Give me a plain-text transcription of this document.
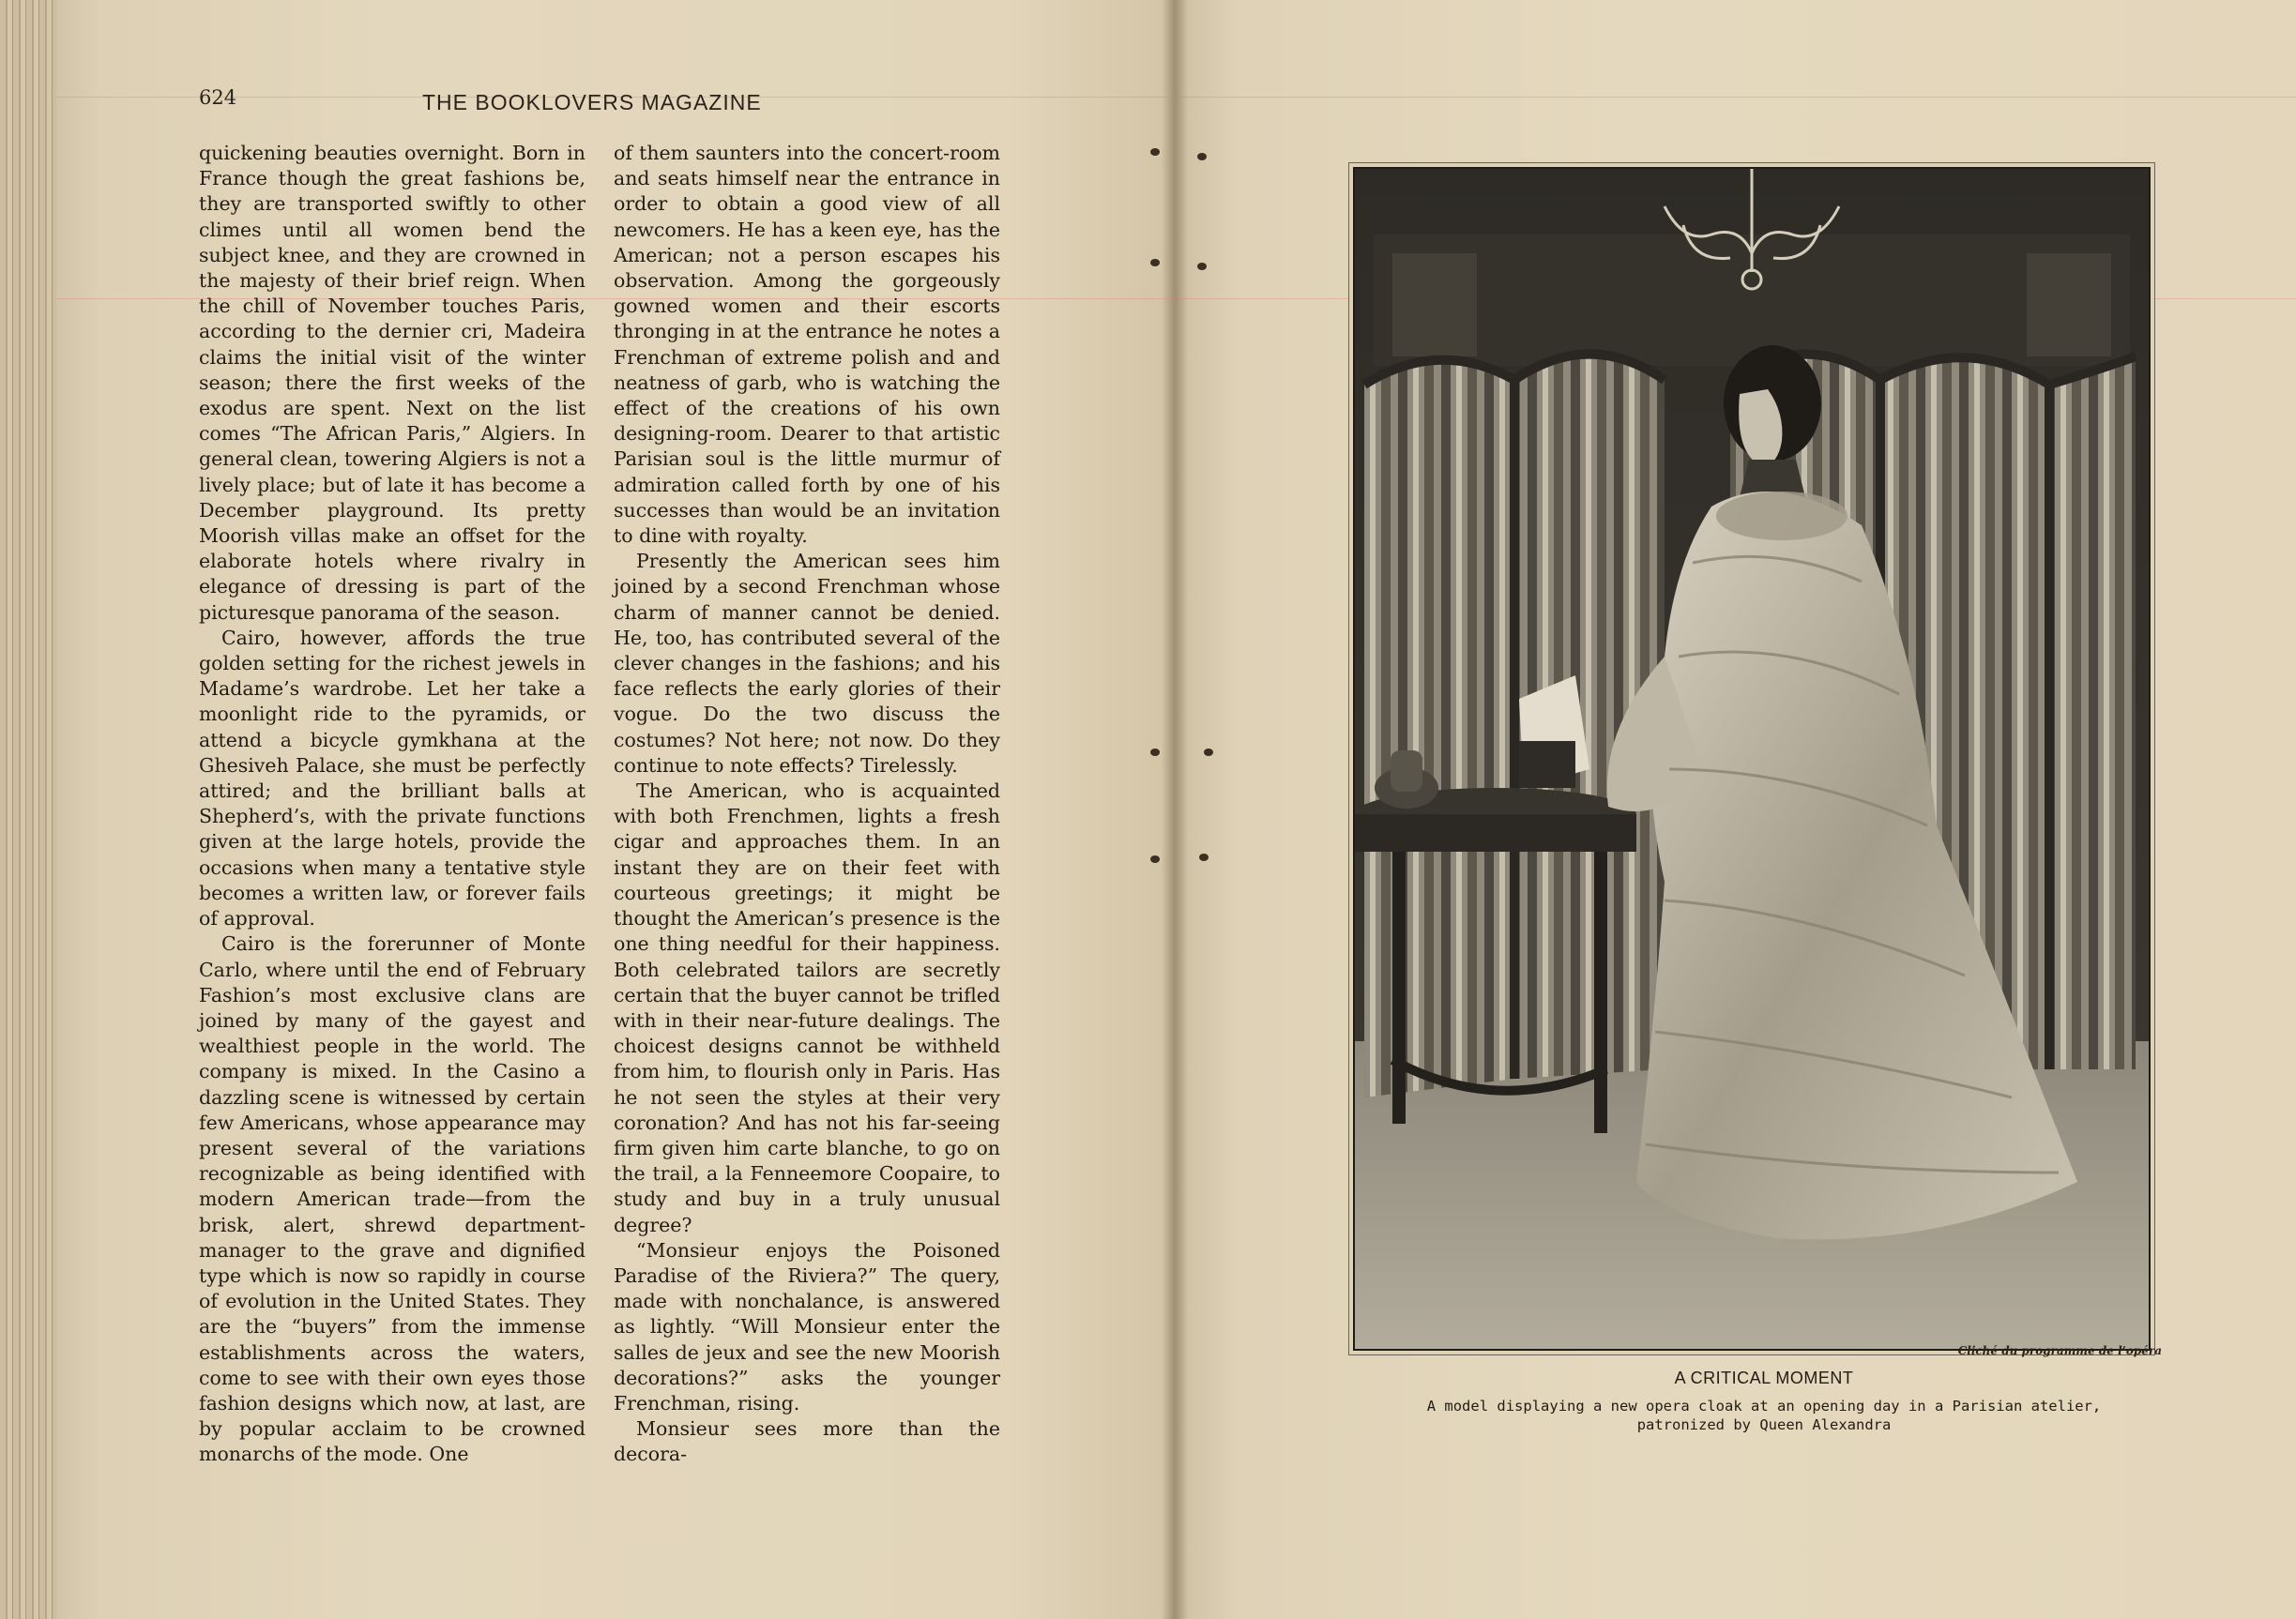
624	THE BOOKLOVERS MAGAZINE

quickening beauties overnight. Born in France though the great fashions be, they are transported swiftly to other climes until all women bend the subject knee, and they are crowned in the majesty of their brief reign. When the chill of November touches Paris, according to the dernier cri, Madeira claims the initial visit of the winter season; there the first weeks of the exodus are spent. Next on the list comes “The African Paris,” Algiers. In general clean, towering Algiers is not a lively place; but of late it has become a December playground. Its pretty Moorish villas make an offset for the elaborate hotels where rivalry in elegance of dressing is part of the picturesque panorama of the season.

Cairo, however, affords the true golden setting for the richest jewels in Madame’s wardrobe. Let her take a moonlight ride to the pyramids, or attend a bicycle gymkhana at the Ghesiveh Palace, she must be perfectly attired; and the brilliant balls at Shepherd’s, with the private functions given at the large hotels, provide the occasions when many a tentative style becomes a written law, or forever fails of approval.

Cairo is the forerunner of Monte Carlo, where until the end of February Fashion’s most exclusive clans are joined by many of the gayest and wealthiest people in the world. The company is mixed. In the Casino a dazzling scene is witnessed by certain few Americans, whose appearance may present several of the variations recognizable as being identified with modern American trade—from the brisk, alert, shrewd department-manager to the grave and dignified type which is now so rapidly in course of evolution in the United States. They are the “buyers” from the immense establishments across the waters, come to see with their own eyes those fashion designs which now, at last, are by popular acclaim to be crowned monarchs of the mode. One

of them saunters into the concert-room and seats himself near the entrance in order to obtain a good view of all newcomers. He has a keen eye, has the American; not a person escapes his observation. Among the gorgeously gowned women and their escorts thronging in at the entrance he notes a Frenchman of extreme polish and and neatness of garb, who is watching the effect of the creations of his own designing-room. Dearer to that artistic Parisian soul is the little murmur of admiration called forth by one of his successes than would be an invitation to dine with royalty.

Presently the American sees him joined by a second Frenchman whose charm of manner cannot be denied. He, too, has contributed several of the clever changes in the fashions; and his face reflects the early glories of their vogue. Do the two discuss the costumes? Not here; not now. Do they continue to note effects? Tirelessly.

The American, who is acquainted with both Frenchmen, lights a fresh cigar and approaches them. In an instant they are on their feet with courteous greetings; it might be thought the American’s presence is the one thing needful for their happiness. Both celebrated tailors are secretly certain that the buyer cannot be trifled with in their near-future dealings. The choicest designs cannot be withheld from him, to flourish only in Paris. Has he not seen the styles at their very coronation? And has not his far-seeing firm given him carte blanche, to go on the trail, a la Fenneemore Coopaire, to study and buy in a truly unusual degree?

“Monsieur enjoys the Poisoned Paradise of the Riviera?” The query, made with nonchalance, is answered as lightly. “Will Monsieur enter the salles de jeux and see the new Moorish decorations?” asks the younger Frenchman, rising.

Monsieur sees more than the decora-

Cliché du programme de l’opéra
A CRITICAL MOMENT
A model displaying a new opera cloak at an opening day in a Parisian atelier,
patronized by Queen Alexandra
